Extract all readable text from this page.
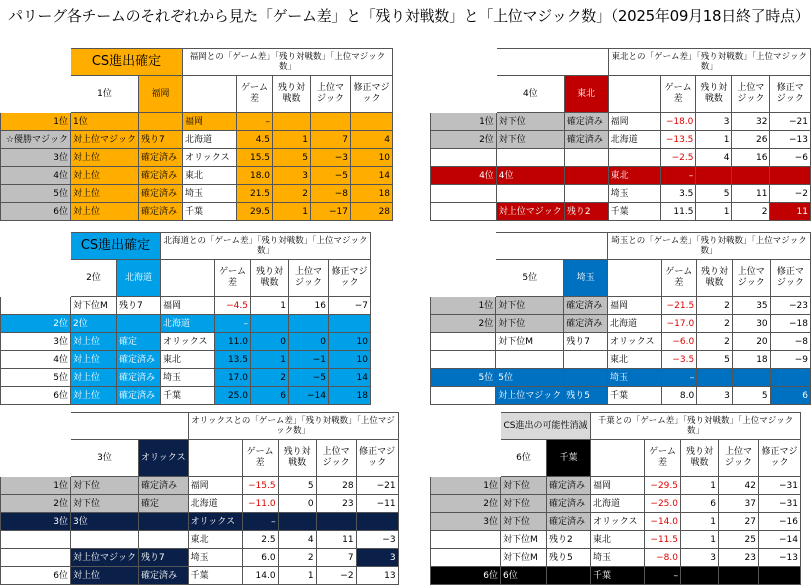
パリーグ各チームのそれぞれから見た「ゲーム差」と「残り対戦数」と「上位マジック数」（2025年09月18日終了時点）
	CS進出確定		福岡との「ゲーム差」「残り対戦数」「上位マジック数」				
	1位	福岡		ゲーム差	残り対戦数	上位マジック	修正マジック
1位	1位		福岡	–			
☆優勝マジック	対上位マジック	残り7	北海道	4.5	1	7	4
3位	対上位	確定済み	オリックス	15.5	5	−3	10
4位	対上位	確定済み	東北	18.0	3	−5	14
5位	対上位	確定済み	埼玉	21.5	2	−8	18
6位	対上位	確定済み	千葉	29.5	1	−17	28
			東北との「ゲーム差」「残り対戦数」「上位マジック数」				
	4位	東北		ゲーム差	残り対戦数	上位マジック	修正マジック
1位	対下位	確定済み	福岡	−18.0	3	32	−21
2位	対下位	確定済み	北海道	−13.5	1	26	−13
				−2.5	4	16	−6
4位	4位		東北	–			
			埼玉	3.5	5	11	−2
	対上位マジック	残り2	千葉	11.5	1	2	11
	CS進出確定		北海道との「ゲーム差」「残り対戦数」「上位マジック数」				
	2位	北海道		ゲーム差	残り対戦数	上位マジック	修正マジック
	対下位M	残り7	福岡	−4.5	1	16	−7
2位	2位		北海道	–			
3位	対上位	確定	オリックス	11.0	0	0	10
4位	対上位	確定済み	東北	13.5	1	−1	10
5位	対上位	確定済み	埼玉	17.0	2	−5	14
6位	対上位	確定済み	千葉	25.0	6	−14	18
			埼玉との「ゲーム差」「残り対戦数」「上位マジック数」				
	5位	埼玉		ゲーム差	残り対戦数	上位マジック	修正マジック
1位	対下位	確定済み	福岡	−21.5	2	35	−23
2位	対下位	確定済み	北海道	−17.0	2	30	−18
	対下位M	残り7	オリックス	−6.0	2	20	−8
			東北	−3.5	5	18	−9
5位	5位		埼玉	–			
	対上位マジック	残り5	千葉	8.0	3	5	6
			オリックスとの「ゲーム差」「残り対戦数」「上位マジック数」				
	3位	オリックス		ゲーム差	残り対戦数	上位マジック	修正マジック
1位	対下位	確定済み	福岡	−15.5	5	28	−21
2位	対下位	確定	北海道	−11.0	0	23	−11
3位	3位		オリックス	–			
			東北	2.5	4	11	−3
	対上位マジック	残り7	埼玉	6.0	2	7	3
6位	対上位	確定済み	千葉	14.0	1	−2	13
	CS進出の可能性消滅		千葉との「ゲーム差」「残り対戦数」「上位マジック数」				
	6位	千葉		ゲーム差	残り対戦数	上位マジック	修正マジック
1位	対下位	確定済み	福岡	−29.5	1	42	−31
2位	対下位	確定済み	北海道	−25.0	6	37	−31
3位	対下位	確定済み	オリックス	−14.0	1	27	−16
	対下位M	残り2	東北	−11.5	1	25	−14
	対下位M	残り5	埼玉	−8.0	3	23	−13
6位	6位		千葉	–			
